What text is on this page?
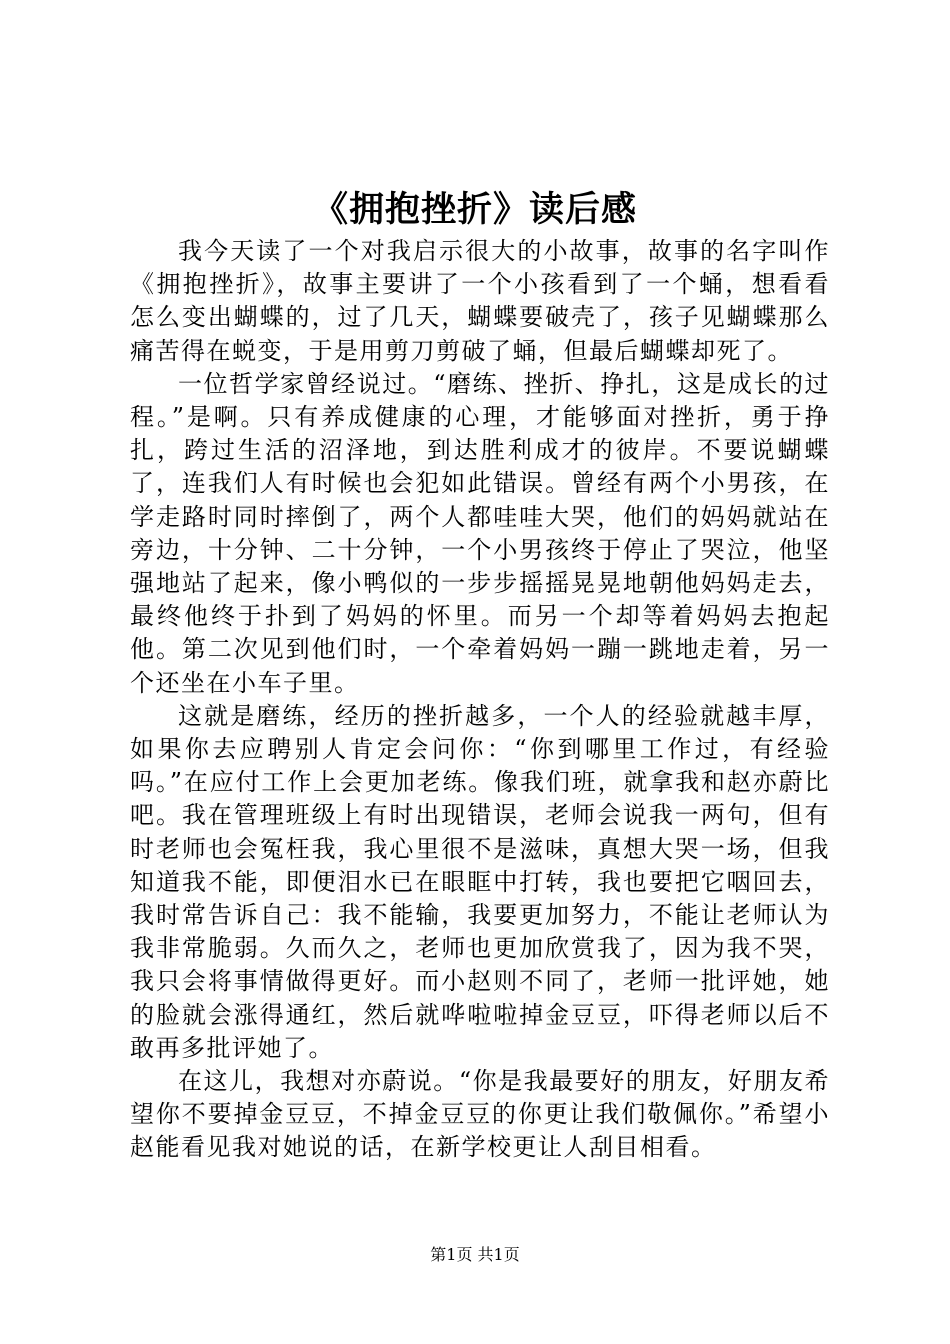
《拥抱挫折》读后感

我今天读了一个对我启示很大的小故事，故事的名字叫作《拥抱挫折》，故事主要讲了一个小孩看到了一个蛹，想看看怎么变出蝴蝶的，过了几天，蝴蝶要破壳了，孩子见蝴蝶那么痛苦得在蜕变，于是用剪刀剪破了蛹，但最后蝴蝶却死了。

一位哲学家曾经说过。“磨练、挫折、挣扎，这是成长的过程。”是啊。只有养成健康的心理，才能够面对挫折，勇于挣扎，跨过生活的沼泽地，到达胜利成才的彼岸。不要说蝴蝶了，连我们人有时候也会犯如此错误。曾经有两个小男孩，在学走路时同时摔倒了，两个人都哇哇大哭，他们的妈妈就站在旁边，十分钟、二十分钟，一个小男孩终于停止了哭泣，他坚强地站了起来，像小鸭似的一步步摇摇晃晃地朝他妈妈走去，最终他终于扑到了妈妈的怀里。而另一个却等着妈妈去抱起他。第二次见到他们时，一个牵着妈妈一蹦一跳地走着，另一个还坐在小车子里。

这就是磨练，经历的挫折越多，一个人的经验就越丰厚，如果你去应聘别人肯定会问你：“你到哪里工作过，有经验吗。”在应付工作上会更加老练。像我们班，就拿我和赵亦蔚比吧。我在管理班级上有时出现错误，老师会说我一两句，但有时老师也会冤枉我，我心里很不是滋味，真想大哭一场，但我知道我不能，即便泪水已在眼眶中打转，我也要把它咽回去，我时常告诉自己：我不能输，我要更加努力，不能让老师认为我非常脆弱。久而久之，老师也更加欣赏我了，因为我不哭，我只会将事情做得更好。而小赵则不同了，老师一批评她，她的脸就会涨得通红，然后就哗啦啦掉金豆豆，吓得老师以后不敢再多批评她了。

在这儿，我想对亦蔚说。“你是我最要好的朋友，好朋友希望你不要掉金豆豆，不掉金豆豆的你更让我们敬佩你。”希望小赵能看见我对她说的话，在新学校更让人刮目相看。

第1页 共1页
